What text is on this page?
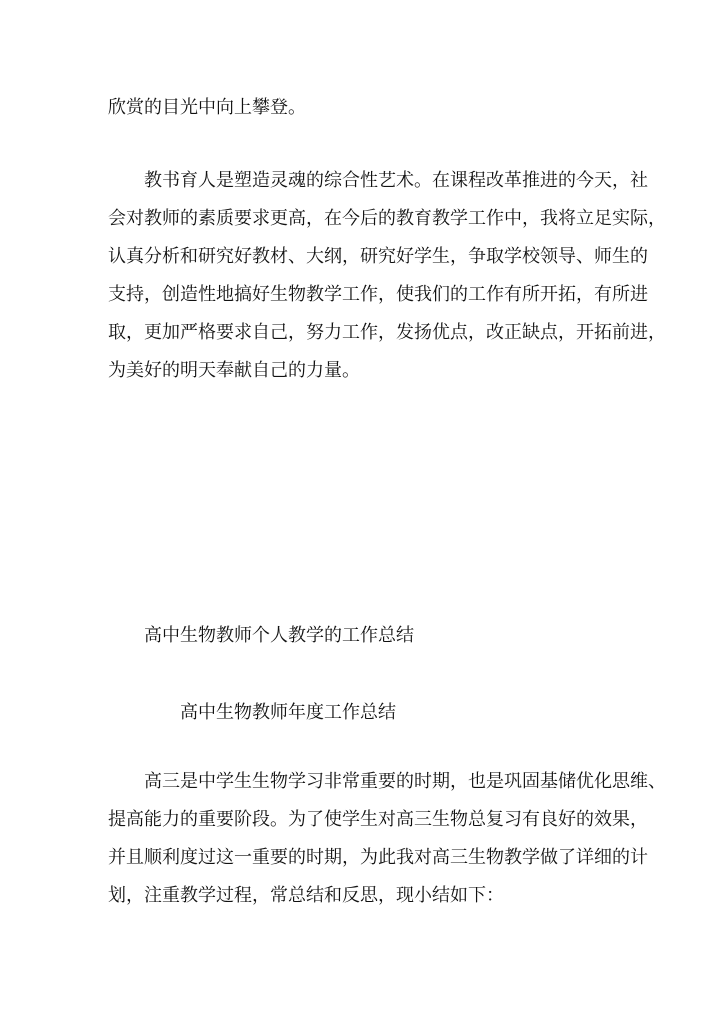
欣赏的目光中向上攀登。
教书育人是塑造灵魂的综合性艺术。在课程改革推进的今天，社
会对教师的素质要求更高，在今后的教育教学工作中，我将立足实际，
认真分析和研究好教材、大纲，研究好学生，争取学校领导、师生的
支持，创造性地搞好生物教学工作，使我们的工作有所开拓，有所进
取，更加严格要求自己，努力工作，发扬优点，改正缺点，开拓前进，
为美好的明天奉献自己的力量。
高中生物教师个人教学的工作总结
高中生物教师年度工作总结
高三是中学生生物学习非常重要的时期，也是巩固基储优化思维、
提高能力的重要阶段。为了使学生对高三生物总复习有良好的效果，
并且顺利度过这一重要的时期，为此我对高三生物教学做了详细的计
划，注重教学过程，常总结和反思，现小结如下：
